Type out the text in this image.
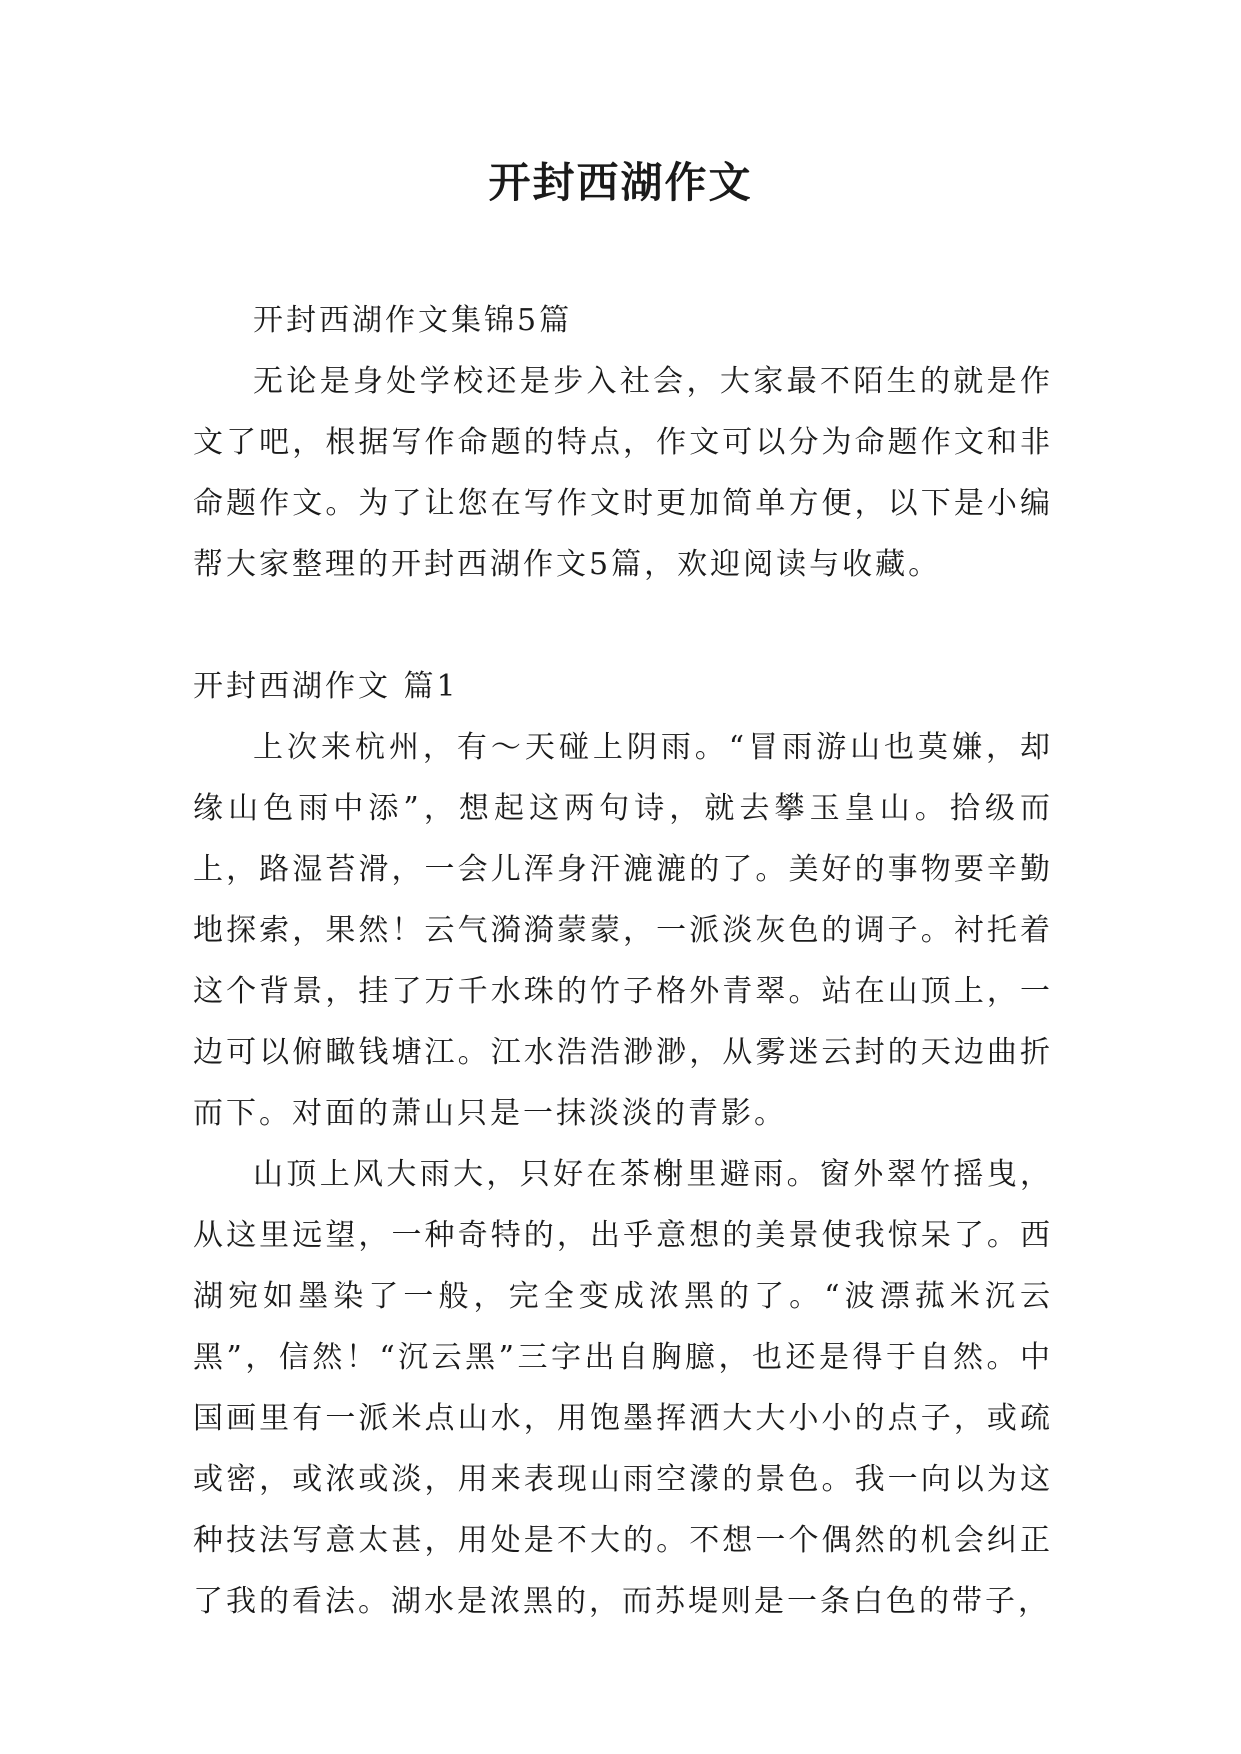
开封西湖作文

开封西湖作文集锦5篇

无论是身处学校还是步入社会，大家最不陌生的就是作文了吧，根据写作命题的特点，作文可以分为命题作文和非命题作文。为了让您在写作文时更加简单方便，以下是小编帮大家整理的开封西湖作文5篇，欢迎阅读与收藏。

开封西湖作文 篇1

上次来杭州，有～天碰上阴雨。“冒雨游山也莫嫌，却缘山色雨中添”，想起这两句诗，就去攀玉皇山。拾级而上，路湿苔滑，一会儿浑身汗漉漉的了。美好的事物要辛勤地探索，果然！云气漪漪蒙蒙，一派淡灰色的调子。衬托着这个背景，挂了万千水珠的竹子格外青翠。站在山顶上，一边可以俯瞰钱塘江。江水浩浩渺渺，从雾迷云封的天边曲折而下。对面的萧山只是一抹淡淡的青影。

山顶上风大雨大，只好在茶榭里避雨。窗外翠竹摇曳，从这里远望，一种奇特的，出乎意想的美景使我惊呆了。西湖宛如墨染了一般，完全变成浓黑的了。“波漂菰米沉云黑”，信然！“沉云黑”三字出自胸臆，也还是得于自然。中国画里有一派米点山水，用饱墨挥洒大大小小的点子，或疏或密，或浓或淡，用来表现山雨空濛的景色。我一向以为这种技法写意太甚，用处是不大的。不想一个偶然的机会纠正了我的看法。湖水是浓黑的，而苏堤则是一条白色的带子，
